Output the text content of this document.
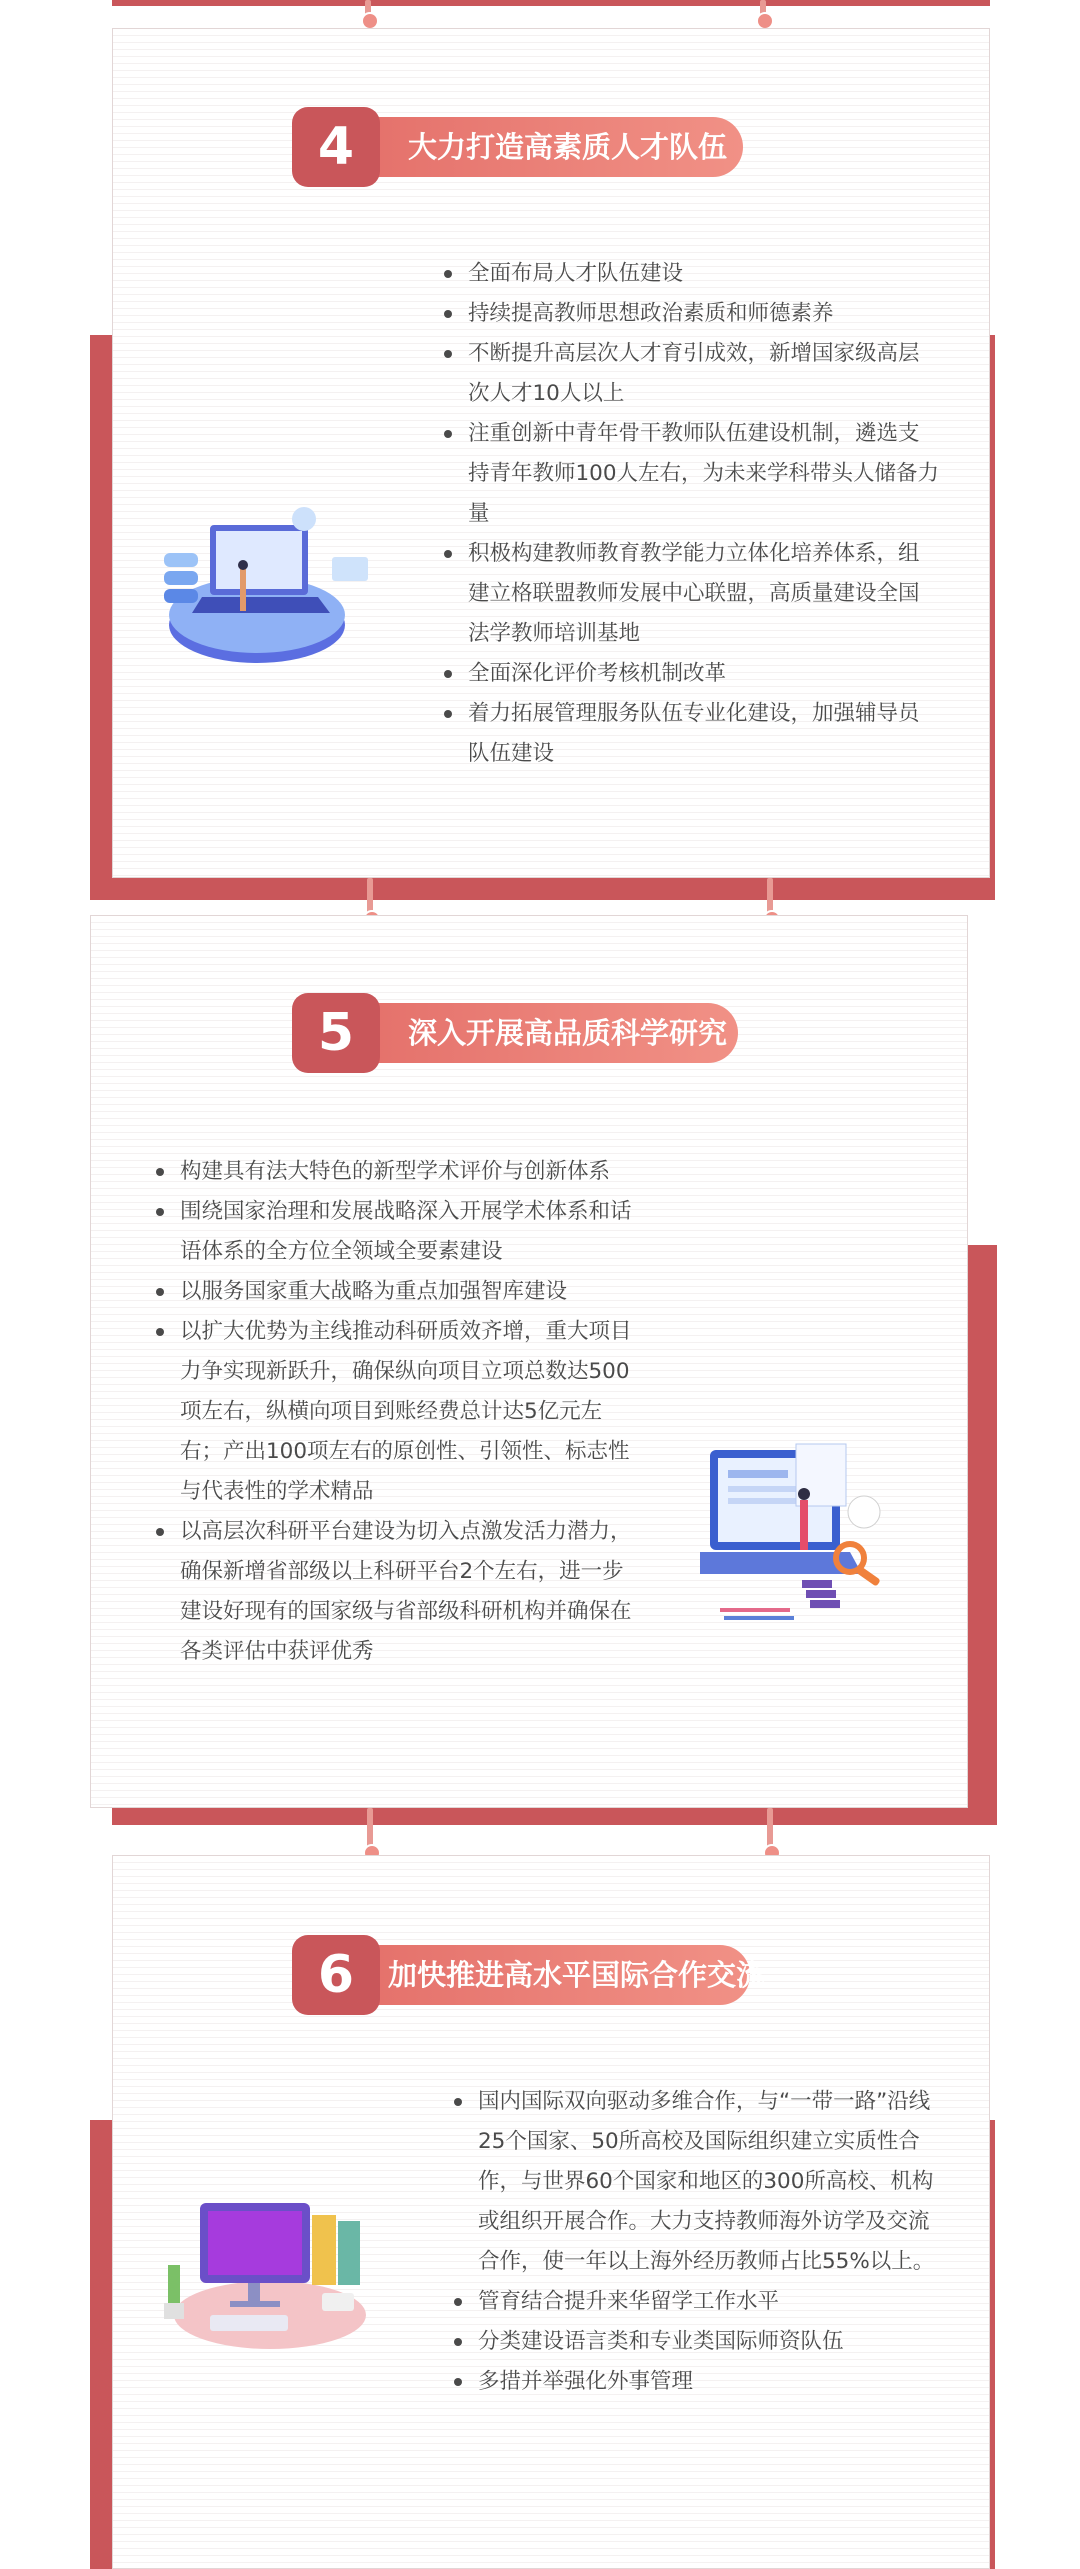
4	大力打造高素质人才队伍
全面布局人才队伍建设
持续提高教师思想政治素质和师德素养
不断提升高层次人才育引成效，新增国家级高层次人才10人以上
注重创新中青年骨干教师队伍建设机制，遴选支持青年教师100人左右，为未来学科带头人储备力量
积极构建教师教育教学能力立体化培养体系，组建立格联盟教师发展中心联盟，高质量建设全国法学教师培训基地
全面深化评价考核机制改革
着力拓展管理服务队伍专业化建设，加强辅导员队伍建设
5	深入开展高品质科学研究
构建具有法大特色的新型学术评价与创新体系
围绕国家治理和发展战略深入开展学术体系和话语体系的全方位全领域全要素建设
以服务国家重大战略为重点加强智库建设
以扩大优势为主线推动科研质效齐增，重大项目力争实现新跃升，确保纵向项目立项总数达500项左右，纵横向项目到账经费总计达5亿元左右；产出100项左右的原创性、引领性、标志性与代表性的学术精品
以高层次科研平台建设为切入点激发活力潜力，确保新增省部级以上科研平台2个左右，进一步建设好现有的国家级与省部级科研机构并确保在各类评估中获评优秀
6	加快推进高水平国际合作交流
国内国际双向驱动多维合作，与“一带一路”沿线25个国家、50所高校及国际组织建立实质性合作，与世界60个国家和地区的300所高校、机构或组织开展合作。大力支持教师海外访学及交流合作，使一年以上海外经历教师占比55%以上。
管育结合提升来华留学工作水平
分类建设语言类和专业类国际师资队伍
多措并举强化外事管理
